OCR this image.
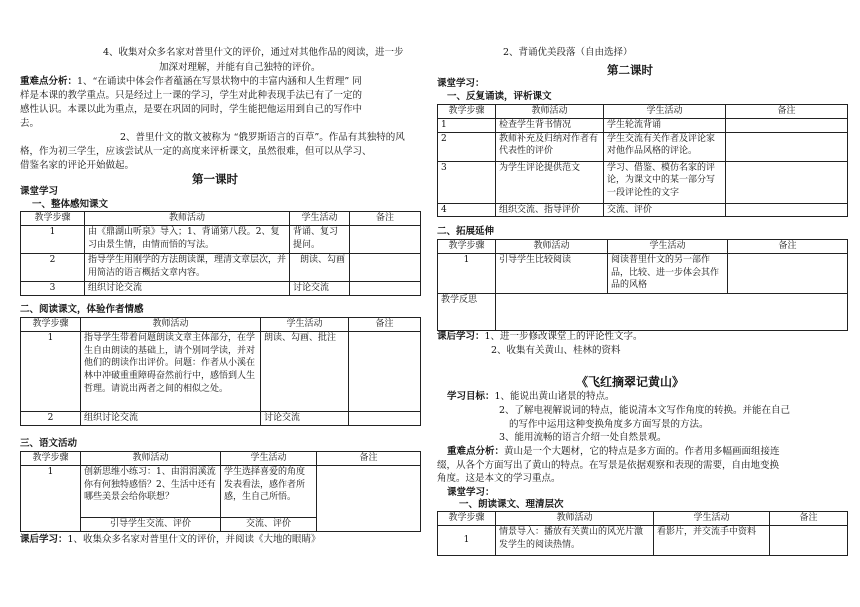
4、收集对众多名家对普里什文的评价，通过对其他作品的阅读，进一步
加深对理解，并能有自己独特的评价。
重难点分析：1、“在诵读中体会作者蕴涵在写景状物中的丰富内涵和人生哲理” 同
样是本课的教学重点。只是经过上一课的学习，学生对此种表现手法已有了一定的
感性认识。本课以此为重点，是要在巩固的同时，学生能把他运用到自己的写作中
去。
2、普里什文的散文被称为 “俄罗斯语言的百草”。作品有其独特的风
格，作为初三学生，应该尝试从一定的高度来评析课文，虽然很难，但可以从学习、
借鉴名家的评论开始做起。
第一课时
课堂学习
一、整体感知课文
教学步骤	教师活动	学生活动	备注
1	由《鼎湖山听泉》导入；1、背诵第八段。2、复习由景生情，由情而悟的写法。	背诵、复习提问。	
2	指导学生用刚学的方法朗读课，理清文章层次，并用简洁的语言概括文章内容。	朗读、勾画	
3	组织讨论交流	讨论交流	
二、阅读课文，体验作者情感
教学步骤	教师活动	学生活动	备注
1	指导学生带着问题朗读文章主体部分，在学生自由朗读的基础上，请个别同学读，并对他们的朗读作出评价。问题：作者从小溪在林中冲破重重障碍奋然前行中，感悟到人生哲理。请说出两者之间的相似之处。	朗读、勾画、批注	
2	组织讨论交流	讨论交流	
三、语文活动
教学步骤	教师活动	学生活动	备注
1	创新思维小练习：1、由涓涓溪流你有何独特感悟？2、生活中还有哪些美景会给你联想？	学生选择喜爱的角度发表看法，感作者所感，生自己所悟。	
	引导学生交流、评价	交流、评价	
课后学习：1、收集众多名家对普里什文的评价，并阅读《大地的眼睛》
2、背诵优美段落（自由选择）
第二课时
课堂学习：
一、反复诵读，评析课文
教学步骤	教师活动	学生活动	备注
1	检查学生背书情况	学生轮流背诵	
2	教师补充及归纳对作者有代表性的评价	学生交流有关作者及评论家对他作品风格的评论。	
3	为学生评论提供范文	学习、借鉴、模仿名家的评论，为课文中的某一部分写一段评论性的文字	
4	组织交流、指导评价	交流、评价	
二、拓展延伸
教学步骤	教师活动	学生活动	备注
1	引导学生比较阅读	阅读普里什文的另一部作品，比较、进一步体会其作品的风格	
教学反思			
课后学习：1、进一步修改课堂上的评论性文字。
2、收集有关黄山、桂林的资料
《飞红摘翠记黄山》
学习目标：1、能说出黄山诸景的特点。
2、了解电视解说词的特点，能说清本文写作角度的转换。并能在自己
的写作中运用这种变换角度多方面写景的方法。
3、能用流畅的语言介绍一处自然景观。
重难点分析：黄山是一个大题材，它的特点是多方面的。作者用多幅画面组接连
缀，从各个方面写出了黄山的特点。在写景是依据观察和表现的需要，自由地变换
角度。这是本文的学习重点。
课堂学习：
一、朗读课文、理清层次
教学步骤	教师活动	学生活动	备注
1	情景导入：播放有关黄山的风光片激发学生的阅读热情。	看影片，并交流手中资料	
